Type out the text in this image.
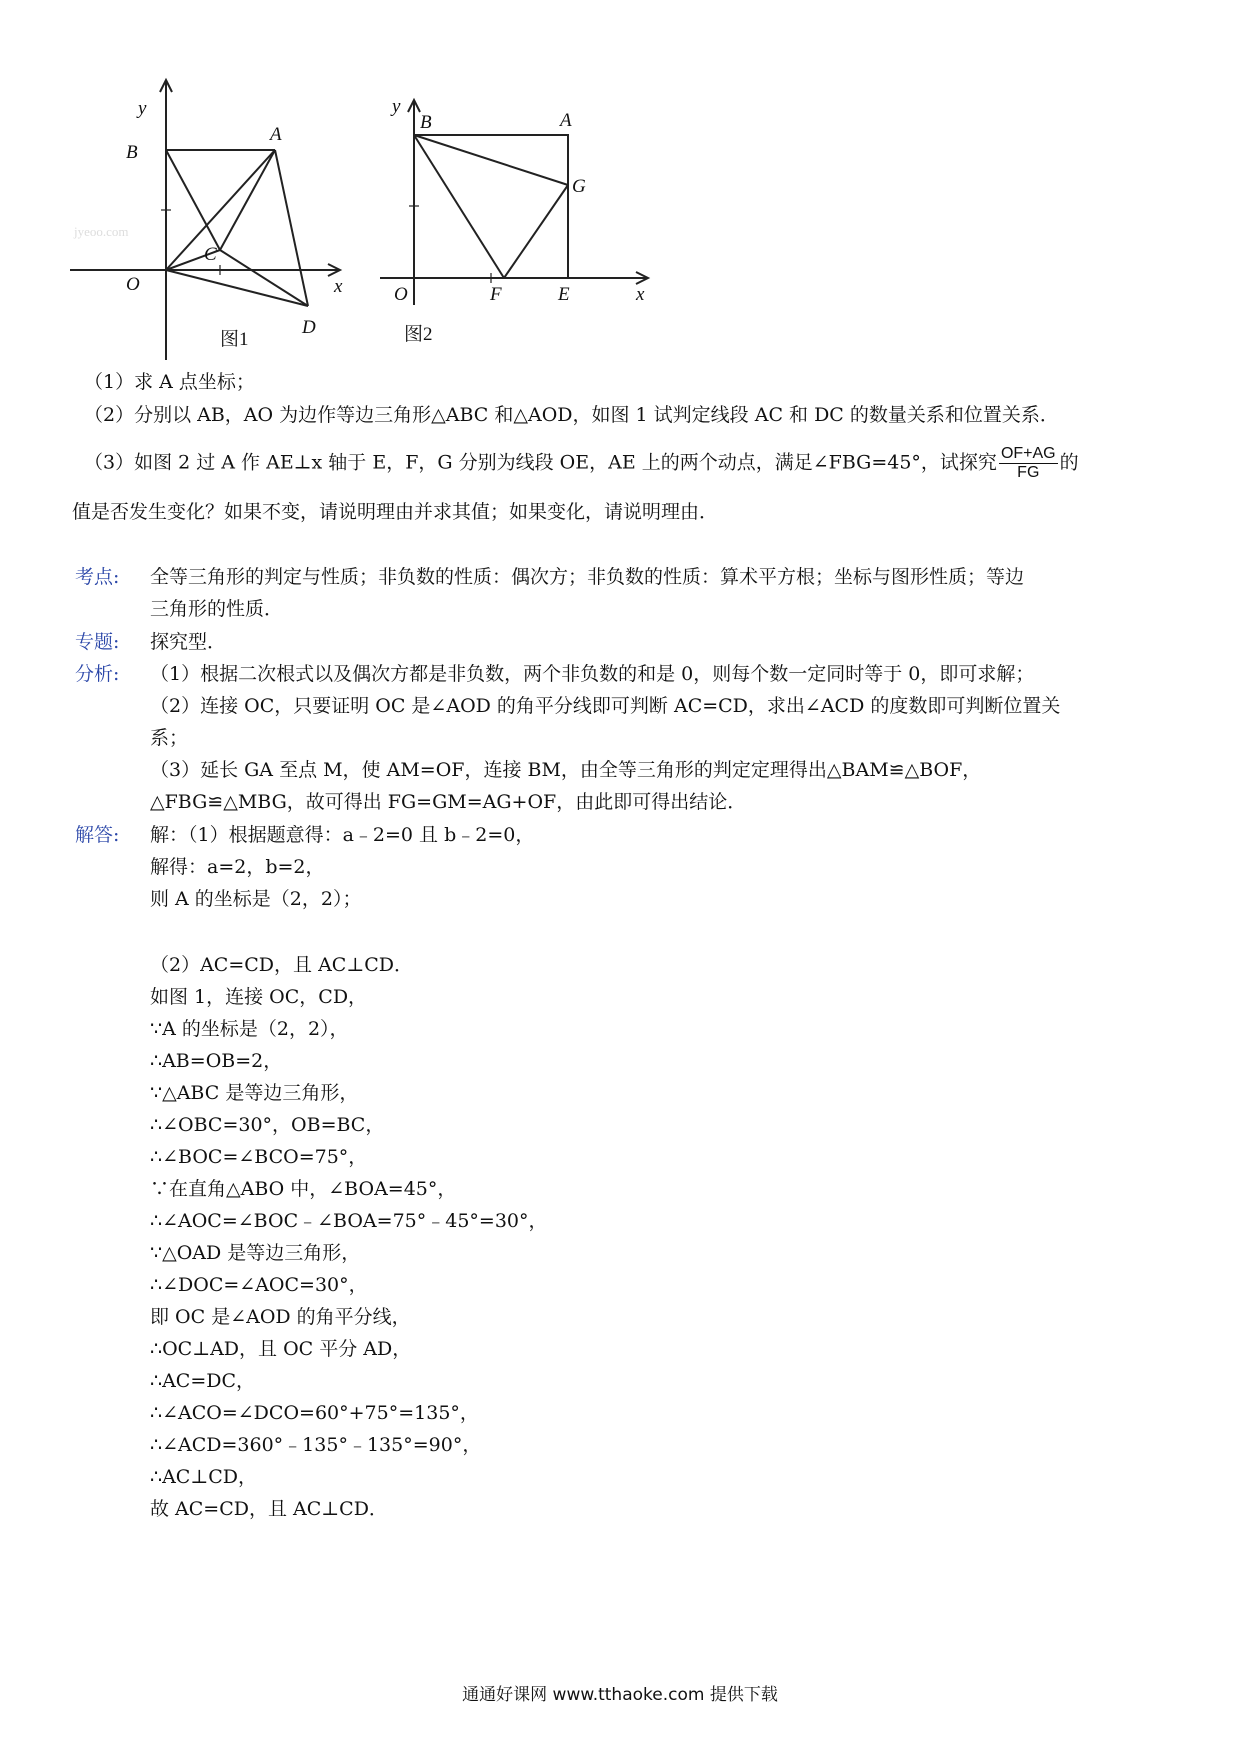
y
B
A
C
O	x
D
图1
jyeoo.com
y
B	A
G
O	F	E	x
图2
（1）求 A 点坐标；
（2）分别以 AB，AO 为边作等边三角形△ABC 和△AOD，如图 1 试判定线段 AC 和 DC 的数量关系和位置关系．
（3）如图 2 过 A 作 AE⊥x 轴于 E，F，G 分别为线段 OE，AE 上的两个动点，满足∠FBG=45°，试探究 $\frac{OF+AG}{FG}$ 的
值是否发生变化？如果不变，请说明理由并求其值；如果变化，请说明理由．
考点: 全等三角形的判定与性质；非负数的性质：偶次方；非负数的性质：算术平方根；坐标与图形性质；等边
三角形的性质．
专题: 探究型．
分析: （1）根据二次根式以及偶次方都是非负数，两个非负数的和是 0，则每个数一定同时等于 0，即可求解；
（2）连接 OC，只要证明 OC 是∠AOD 的角平分线即可判断 AC=CD，求出∠ACD 的度数即可判断位置关
系；
（3）延长 GA 至点 M，使 AM=OF，连接 BM，由全等三角形的判定定理得出△BAM≌△BOF，
△FBG≌△MBG，故可得出 FG=GM=AG+OF，由此即可得出结论．
解答: 解：（1）根据题意得：a﹣2=0 且 b﹣2=0，
解得：a=2，b=2，
则 A 的坐标是（2，2）；
（2）AC=CD，且 AC⊥CD．
如图 1，连接 OC，CD，
∵A 的坐标是（2，2），
∴AB=OB=2，
∵△ABC 是等边三角形，
∴∠OBC=30°，OB=BC，
∴∠BOC=∠BCO=75°，
∵在直角△ABO 中，∠BOA=45°，
∴∠AOC=∠BOC﹣∠BOA=75°﹣45°=30°，
∵△OAD 是等边三角形，
∴∠DOC=∠AOC=30°，
即 OC 是∠AOD 的角平分线，
∴OC⊥AD，且 OC 平分 AD，
∴AC=DC，
∴∠ACO=∠DCO=60°+75°=135°，
∴∠ACD=360°﹣135°﹣135°=90°，
∴AC⊥CD，
故 AC=CD，且 AC⊥CD．
通通好课网 www.tthaoke.com 提供下载
